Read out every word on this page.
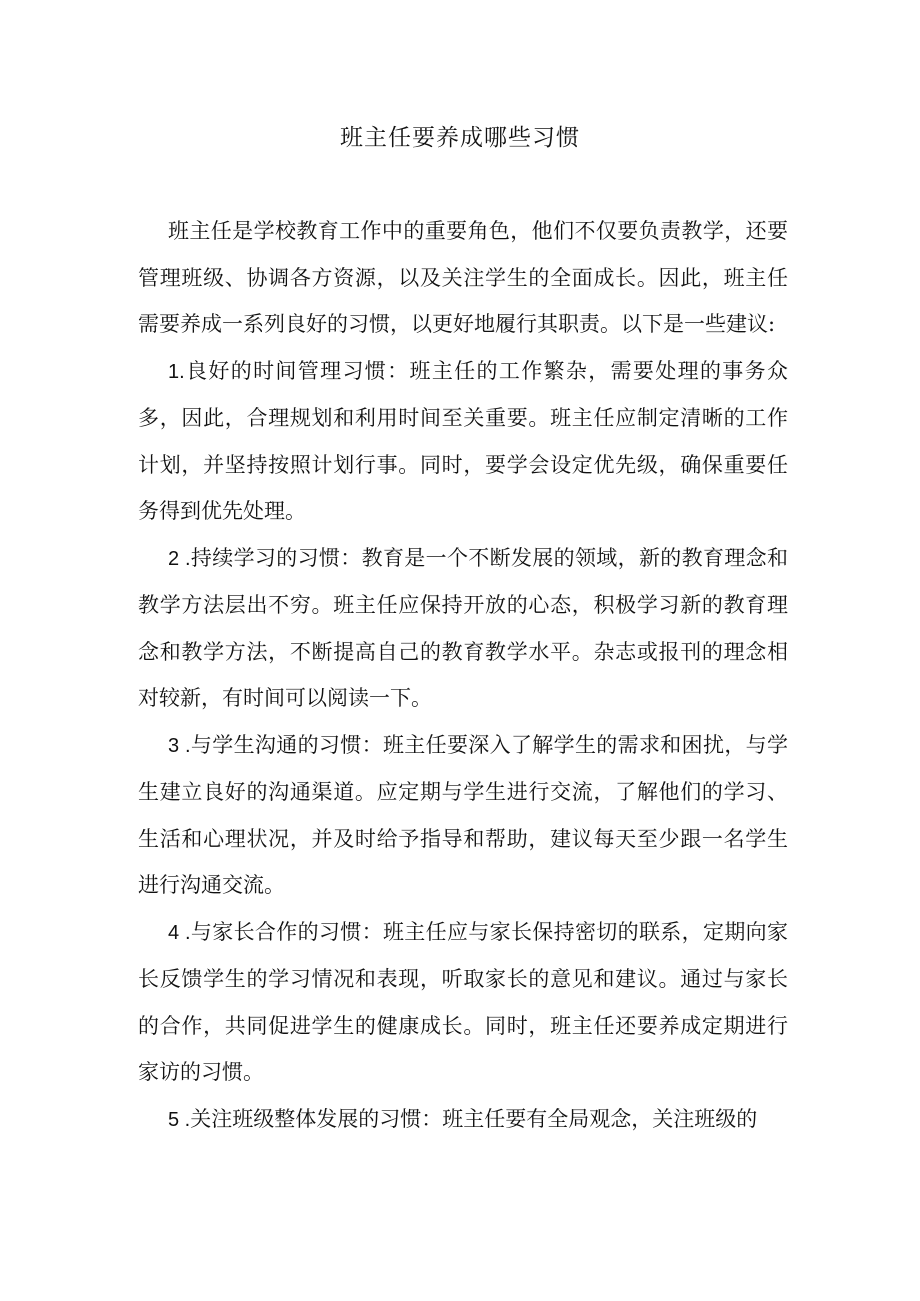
班主任要养成哪些习惯

班主任是学校教育工作中的重要角色，他们不仅要负责教学，还要管理班级、协调各方资源，以及关注学生的全面成长。因此，班主任需要养成一系列良好的习惯，以更好地履行其职责。以下是一些建议:

1.良好的时间管理习惯：班主任的工作繁杂，需要处理的事务众多，因此，合理规划和利用时间至关重要。班主任应制定清晰的工作计划，并坚持按照计划行事。同时，要学会设定优先级，确保重要任务得到优先处理。

2 .持续学习的习惯：教育是一个不断发展的领域，新的教育理念和教学方法层出不穷。班主任应保持开放的心态，积极学习新的教育理念和教学方法，不断提高自己的教育教学水平。杂志或报刊的理念相对较新，有时间可以阅读一下。

3 .与学生沟通的习惯：班主任要深入了解学生的需求和困扰，与学生建立良好的沟通渠道。应定期与学生进行交流，了解他们的学习、生活和心理状况，并及时给予指导和帮助，建议每天至少跟一名学生进行沟通交流。

4 .与家长合作的习惯：班主任应与家长保持密切的联系，定期向家长反馈学生的学习情况和表现，听取家长的意见和建议。通过与家长的合作，共同促进学生的健康成长。同时，班主任还要养成定期进行家访的习惯。

5 .关注班级整体发展的习惯：班主任要有全局观念，关注班级的
